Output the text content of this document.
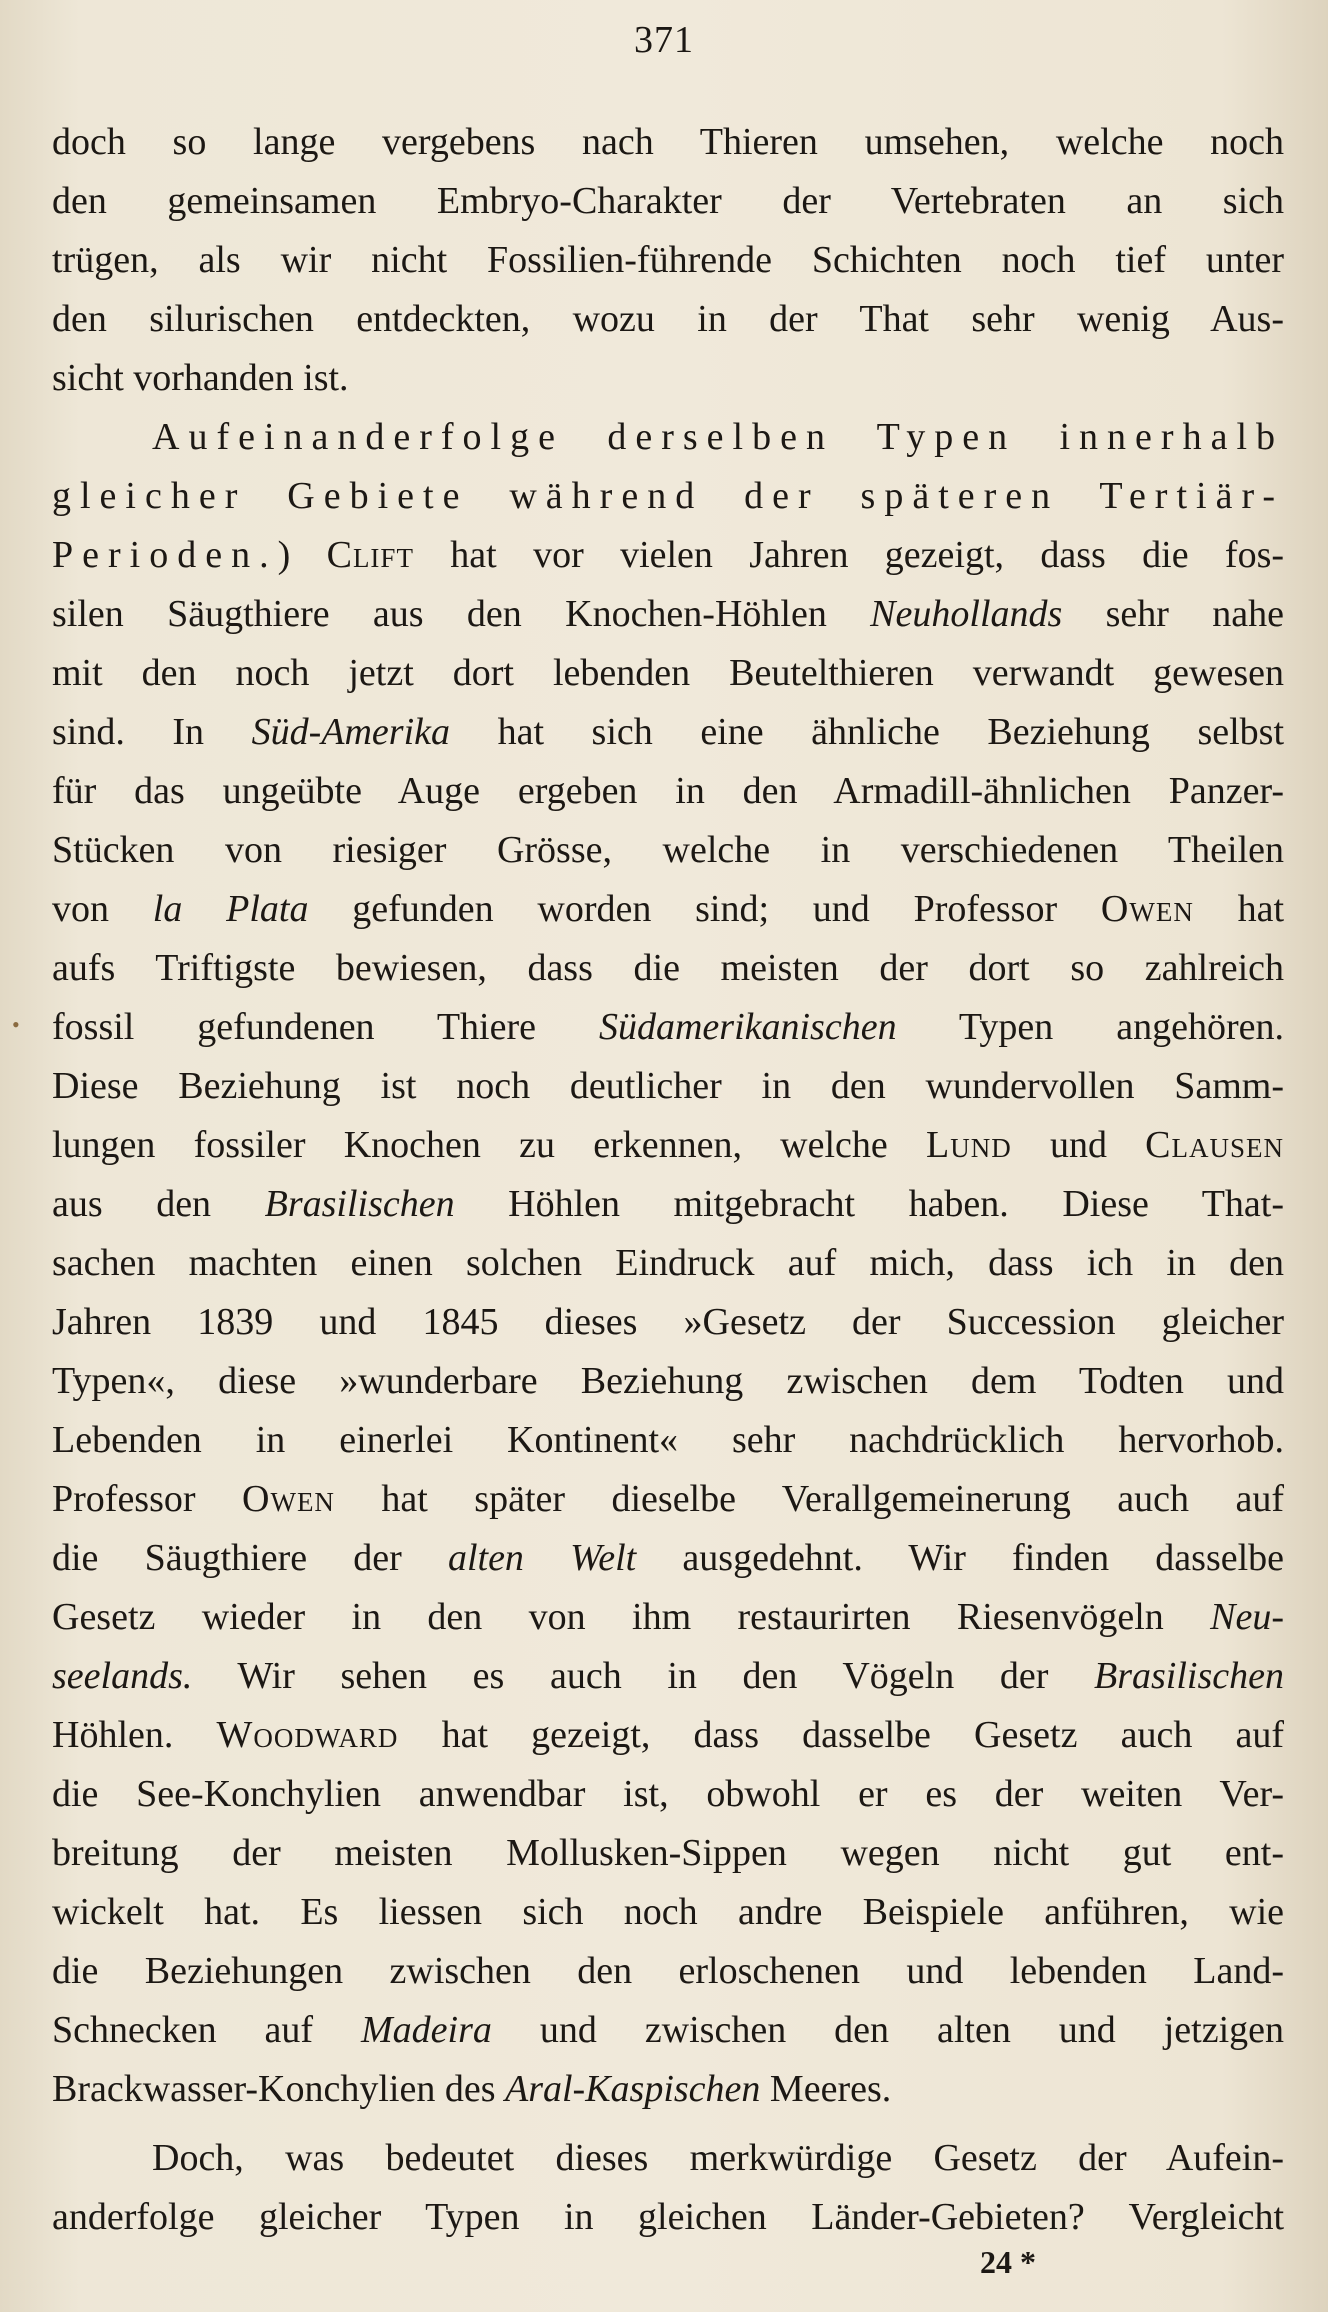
371
•
doch so lange vergebens nach Thieren umsehen, welche noch
den gemeinsamen Embryo-Charakter der Vertebraten an sich
trügen, als wir nicht Fossilien-führende Schichten noch tief unter
den silurischen entdeckten, wozu in der That sehr wenig Aus-
sicht vorhanden ist.
Aufeinanderfolge derselben Typen innerhalb
gleicher Gebiete während der späteren Tertiär-
Perioden.) Clift hat vor vielen Jahren gezeigt, dass die fos-
silen Säugthiere aus den Knochen-Höhlen Neuhollands sehr nahe
mit den noch jetzt dort lebenden Beutelthieren verwandt gewesen
sind. In Süd-Amerika hat sich eine ähnliche Beziehung selbst
für das ungeübte Auge ergeben in den Armadill-ähnlichen Panzer-
Stücken von riesiger Grösse, welche in verschiedenen Theilen
von la Plata gefunden worden sind; und Professor Owen hat
aufs Triftigste bewiesen, dass die meisten der dort so zahlreich
fossil gefundenen Thiere Südamerikanischen Typen angehören.
Diese Beziehung ist noch deutlicher in den wundervollen Samm-
lungen fossiler Knochen zu erkennen, welche Lund und Clausen
aus den Brasilischen Höhlen mitgebracht haben. Diese That-
sachen machten einen solchen Eindruck auf mich, dass ich in den
Jahren 1839 und 1845 dieses »Gesetz der Succession gleicher
Typen«, diese »wunderbare Beziehung zwischen dem Todten und
Lebenden in einerlei Kontinent« sehr nachdrücklich hervorhob.
Professor Owen hat später dieselbe Verallgemeinerung auch auf
die Säugthiere der alten Welt ausgedehnt. Wir finden dasselbe
Gesetz wieder in den von ihm restaurirten Riesenvögeln Neu-
seelands. Wir sehen es auch in den Vögeln der Brasilischen
Höhlen. Woodward hat gezeigt, dass dasselbe Gesetz auch auf
die See-Konchylien anwendbar ist, obwohl er es der weiten Ver-
breitung der meisten Mollusken-Sippen wegen nicht gut ent-
wickelt hat. Es liessen sich noch andre Beispiele anführen, wie
die Beziehungen zwischen den erloschenen und lebenden Land-
Schnecken auf Madeira und zwischen den alten und jetzigen
Brackwasser-Konchylien des Aral-Kaspischen Meeres.
Doch, was bedeutet dieses merkwürdige Gesetz der Aufein-
anderfolge gleicher Typen in gleichen Länder-Gebieten? Vergleicht
24 *
